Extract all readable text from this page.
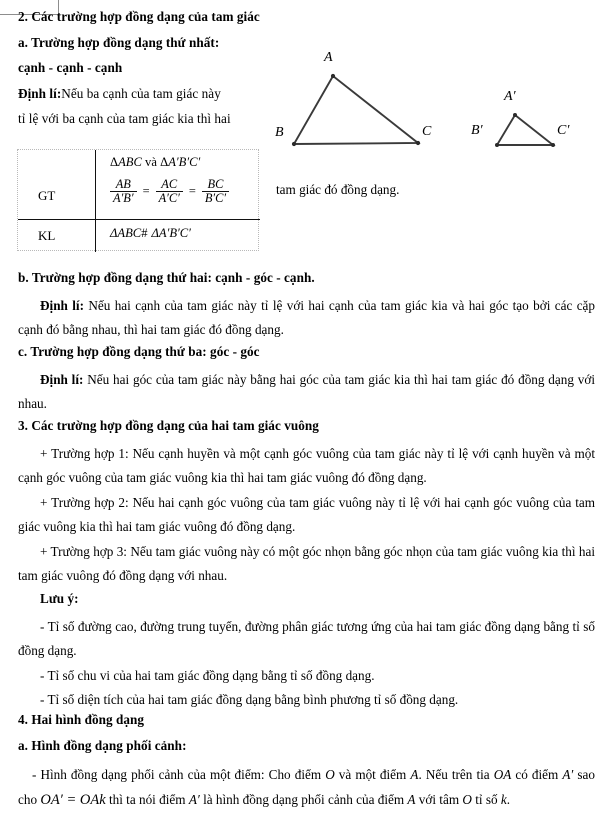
2. Các trường hợp đồng dạng của tam giác
a. Trường hợp đồng dạng thứ nhất:
cạnh - cạnh - cạnh
Định lí:Nếu ba cạnh của tam giác này
tỉ lệ với ba cạnh của tam giác kia thì hai
A
B	C
A′
B′	C′
GT
KL
ΔABC và ΔA′B′C′
$\frac{AB}{A'B'} = \frac{AC}{A'C'} = \frac{BC}{B'C'}$
ΔABC# ΔA′B′C′
tam giác đó đồng dạng.
b. Trường hợp đồng dạng thứ hai: cạnh - góc - cạnh.
Định lí: Nếu hai cạnh của tam giác này tỉ lệ với hai cạnh của tam giác kia và hai góc tạo bởi các cặp cạnh đó bằng nhau, thì hai tam giác đó đồng dạng.
c. Trường hợp đồng dạng thứ ba: góc - góc
Định lí: Nếu hai góc của tam giác này bằng hai góc của tam giác kia thì hai tam giác đó đồng dạng với nhau.
3. Các trường hợp đồng dạng của hai tam giác vuông
+ Trường hợp 1: Nếu cạnh huyền và một cạnh góc vuông của tam giác này tỉ lệ với cạnh huyền và một cạnh góc vuông của tam giác vuông kia thì hai tam giác vuông đó đồng dạng.
+ Trường hợp 2: Nếu hai cạnh góc vuông của tam giác vuông này tỉ lệ với hai cạnh góc vuông của tam giác vuông kia thì hai tam giác vuông đó đồng dạng.
+ Trường hợp 3: Nếu tam giác vuông này có một góc nhọn bằng góc nhọn của tam giác vuông kia thì hai tam giác vuông đó đồng dạng với nhau.
Lưu ý:
- Tỉ số đường cao, đường trung tuyến, đường phân giác tương ứng của hai tam giác đồng dạng bằng tỉ số đồng dạng.
- Tỉ số chu vi của hai tam giác đồng dạng bằng tỉ số đồng dạng.
- Tỉ số diện tích của hai tam giác đồng dạng bằng bình phương tỉ số đồng dạng.
4. Hai hình đồng dạng
a. Hình đồng dạng phối cảnh:
- Hình đồng dạng phối cảnh của một điểm: Cho điểm O và một điểm A. Nếu trên tia OA có điểm A′ sao cho OA′ = OAk thì ta nói điểm A′ là hình đồng dạng phối cảnh của điểm A với tâm O tỉ số k.
